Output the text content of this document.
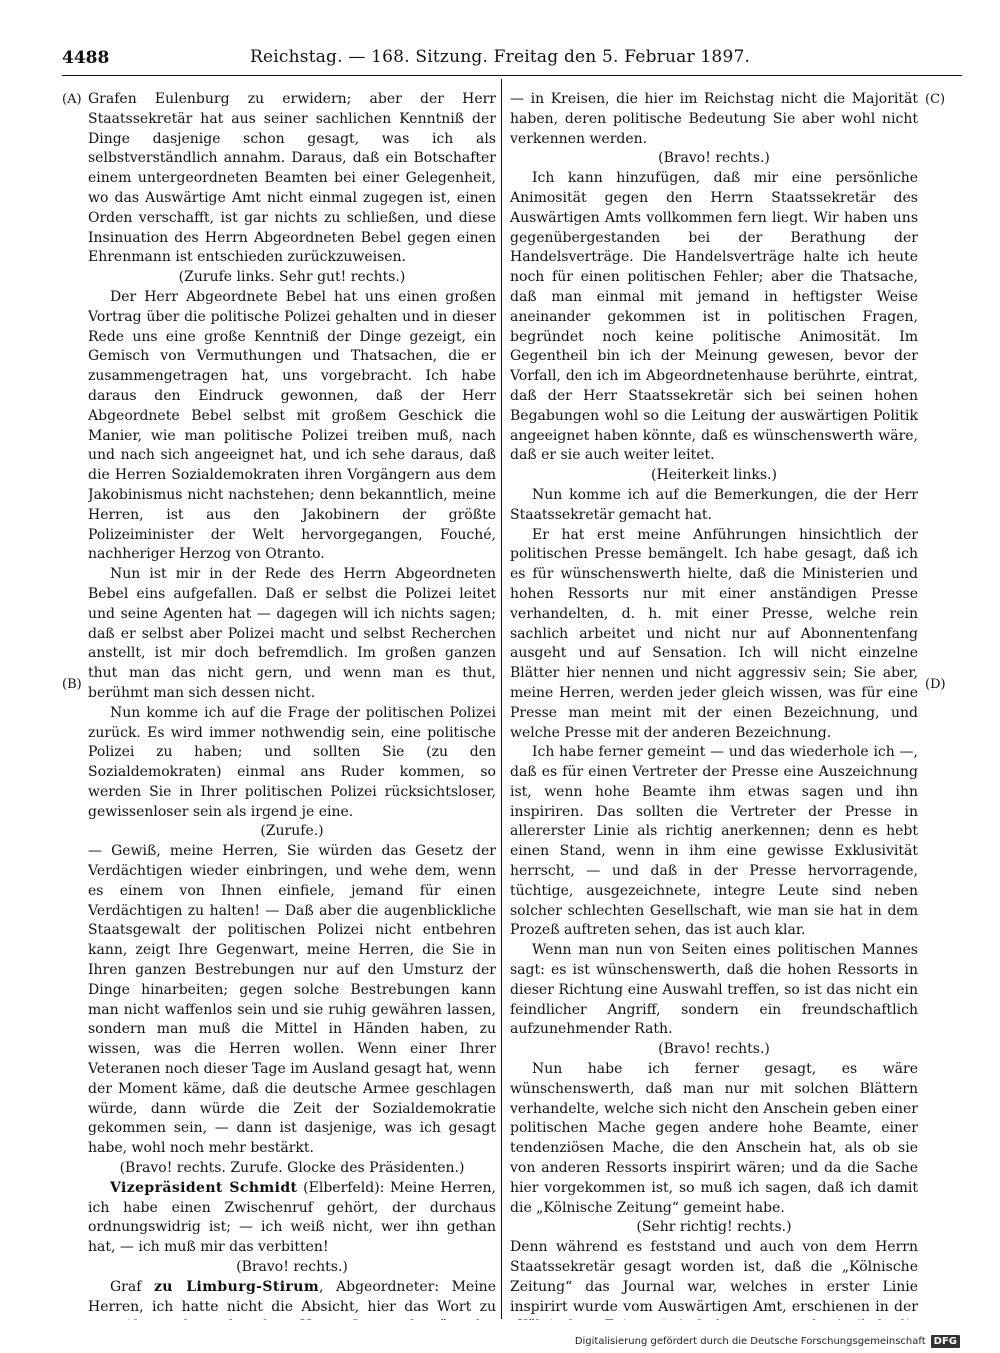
4488	Reichstag. — 168. Sitzung. Freitag den 5. Februar 1897.
(A)
(B)
(C)
(D)

Grafen Eulenburg zu erwidern; aber der Herr Staatssekretär hat aus seiner sachlichen Kenntniß der Dinge dasjenige schon gesagt, was ich als selbstverständlich annahm. Daraus, daß ein Botschafter einem untergeordneten Beamten bei einer Gelegenheit, wo das Auswärtige Amt nicht einmal zugegen ist, einen Orden verschafft, ist gar nichts zu schließen, und diese Insinuation des Herrn Abgeordneten Bebel gegen einen Ehrenmann ist entschieden zurückzuweisen.

(Zurufe links. Sehr gut! rechts.)

Der Herr Abgeordnete Bebel hat uns einen großen Vortrag über die politische Polizei gehalten und in dieser Rede uns eine große Kenntniß der Dinge gezeigt, ein Gemisch von Vermuthungen und Thatsachen, die er zusammengetragen hat, uns vorgebracht. Ich habe daraus den Eindruck gewonnen, daß der Herr Abgeordnete Bebel selbst mit großem Geschick die Manier, wie man politische Polizei treiben muß, nach und nach sich angeeignet hat, und ich sehe daraus, daß die Herren Sozialdemokraten ihren Vorgängern aus dem Jakobinismus nicht nachstehen; denn bekanntlich, meine Herren, ist aus den Jakobinern der größte Polizeiminister der Welt hervorgegangen, Fouché, nachheriger Herzog von Otranto.

Nun ist mir in der Rede des Herrn Abgeordneten Bebel eins aufgefallen. Daß er selbst die Polizei leitet und seine Agenten hat — dagegen will ich nichts sagen; daß er selbst aber Polizei macht und selbst Recherchen anstellt, ist mir doch befremdlich. Im großen ganzen thut man das nicht gern, und wenn man es thut, berühmt man sich dessen nicht.

Nun komme ich auf die Frage der politischen Polizei zurück. Es wird immer nothwendig sein, eine politische Polizei zu haben; und sollten Sie (zu den Sozialdemokraten) einmal ans Ruder kommen, so werden Sie in Ihrer politischen Polizei rücksichtsloser, gewissenloser sein als irgend je eine.

(Zurufe.)

— Gewiß, meine Herren, Sie würden das Gesetz der Verdächtigen wieder einbringen, und wehe dem, wenn es einem von Ihnen einfiele, jemand für einen Verdächtigen zu halten! — Daß aber die augenblickliche Staatsgewalt der politischen Polizei nicht entbehren kann, zeigt Ihre Gegenwart, meine Herren, die Sie in Ihren ganzen Bestrebungen nur auf den Umsturz der Dinge hinarbeiten; gegen solche Bestrebungen kann man nicht waffenlos sein und sie ruhig gewähren lassen, sondern man muß die Mittel in Händen haben, zu wissen, was die Herren wollen. Wenn einer Ihrer Veteranen noch dieser Tage im Ausland gesagt hat, wenn der Moment käme, daß die deutsche Armee geschlagen würde, dann würde die Zeit der Sozialdemokratie gekommen sein, — dann ist dasjenige, was ich gesagt habe, wohl noch mehr bestärkt.

(Bravo! rechts. Zurufe. Glocke des Präsidenten.)

Vizepräsident Schmidt (Elberfeld): Meine Herren, ich habe einen Zwischenruf gehört, der durchaus ordnungswidrig ist; — ich weiß nicht, wer ihn gethan hat, — ich muß mir das verbitten!

(Bravo! rechts.)

Graf zu Limburg-Stirum, Abgeordneter: Meine Herren, ich hatte nicht die Absicht, hier das Wort zu

— in Kreisen, die hier im Reichstag nicht die Majorität haben, deren politische Bedeutung Sie aber wohl nicht verkennen werden.

(Bravo! rechts.)

Ich kann hinzufügen, daß mir eine persönliche Animosität gegen den Herrn Staatssekretär des Auswärtigen Amts vollkommen fern liegt. Wir haben uns gegenübergestanden bei der Berathung der Handelsverträge. Die Handelsverträge halte ich heute noch für einen politischen Fehler; aber die Thatsache, daß man einmal mit jemand in heftigster Weise aneinander gekommen ist in politischen Fragen, begründet noch keine politische Animosität. Im Gegentheil bin ich der Meinung gewesen, bevor der Vorfall, den ich im Abgeordnetenhause berührte, eintrat, daß der Herr Staatssekretär sich bei seinen hohen Begabungen wohl so die Leitung der auswärtigen Politik angeeignet haben könnte, daß es wünschenswerth wäre, daß er sie auch weiter leitet.

(Heiterkeit links.)

Nun komme ich auf die Bemerkungen, die der Herr Staatssekretär gemacht hat.

Er hat erst meine Anführungen hinsichtlich der politischen Presse bemängelt. Ich habe gesagt, daß ich es für wünschenswerth hielte, daß die Ministerien und hohen Ressorts nur mit einer anständigen Presse verhandelten, d. h. mit einer Presse, welche rein sachlich arbeitet und nicht nur auf Abonnentenfang ausgeht und auf Sensation. Ich will nicht einzelne Blätter hier nennen und nicht aggressiv sein; Sie aber, meine Herren, werden jeder gleich wissen, was für eine Presse man meint mit der einen Bezeichnung, und welche Presse mit der anderen Bezeichnung.

Ich habe ferner gemeint — und das wiederhole ich —, daß es für einen Vertreter der Presse eine Auszeichnung ist, wenn hohe Beamte ihm etwas sagen und ihn inspiriren. Das sollten die Vertreter der Presse in allererster Linie als richtig anerkennen; denn es hebt einen Stand, wenn in ihm eine gewisse Exklusivität herrscht, — und daß in der Presse hervorragende, tüchtige, ausgezeichnete, integre Leute sind neben solcher schlechten Gesellschaft, wie man sie hat in dem Prozeß auftreten sehen, das ist auch klar.

Wenn man nun von Seiten eines politischen Mannes sagt: es ist wünschenswerth, daß die hohen Ressorts in dieser Richtung eine Auswahl treffen, so ist das nicht ein feindlicher Angriff, sondern ein freundschaftlich aufzunehmender Rath.

(Bravo! rechts.)

Nun habe ich ferner gesagt, es wäre wünschenswerth, daß man nur mit solchen Blättern verhandelte, welche sich nicht den Anschein geben einer politischen Mache gegen andere hohe Beamte, einer tendenziösen Mache, die den Anschein hat, als ob sie von anderen Ressorts inspirirt wären; und da die Sache hier vorgekommen ist, so muß ich sagen, daß ich damit die „Kölnische Zeitung“ gemeint habe.

(Sehr richtig! rechts.)

Denn während es feststand und auch von dem Herrn Staatssekretär gesagt worden ist, daß die „Kölnische Zeitung“ das Journal war, welches in erster Linie inspirirt wurde vom Auswärtigen Amt, erschienen in der

Digitalisierung gefördert durch die Deutsche Forschungsgemeinschaft DFG
